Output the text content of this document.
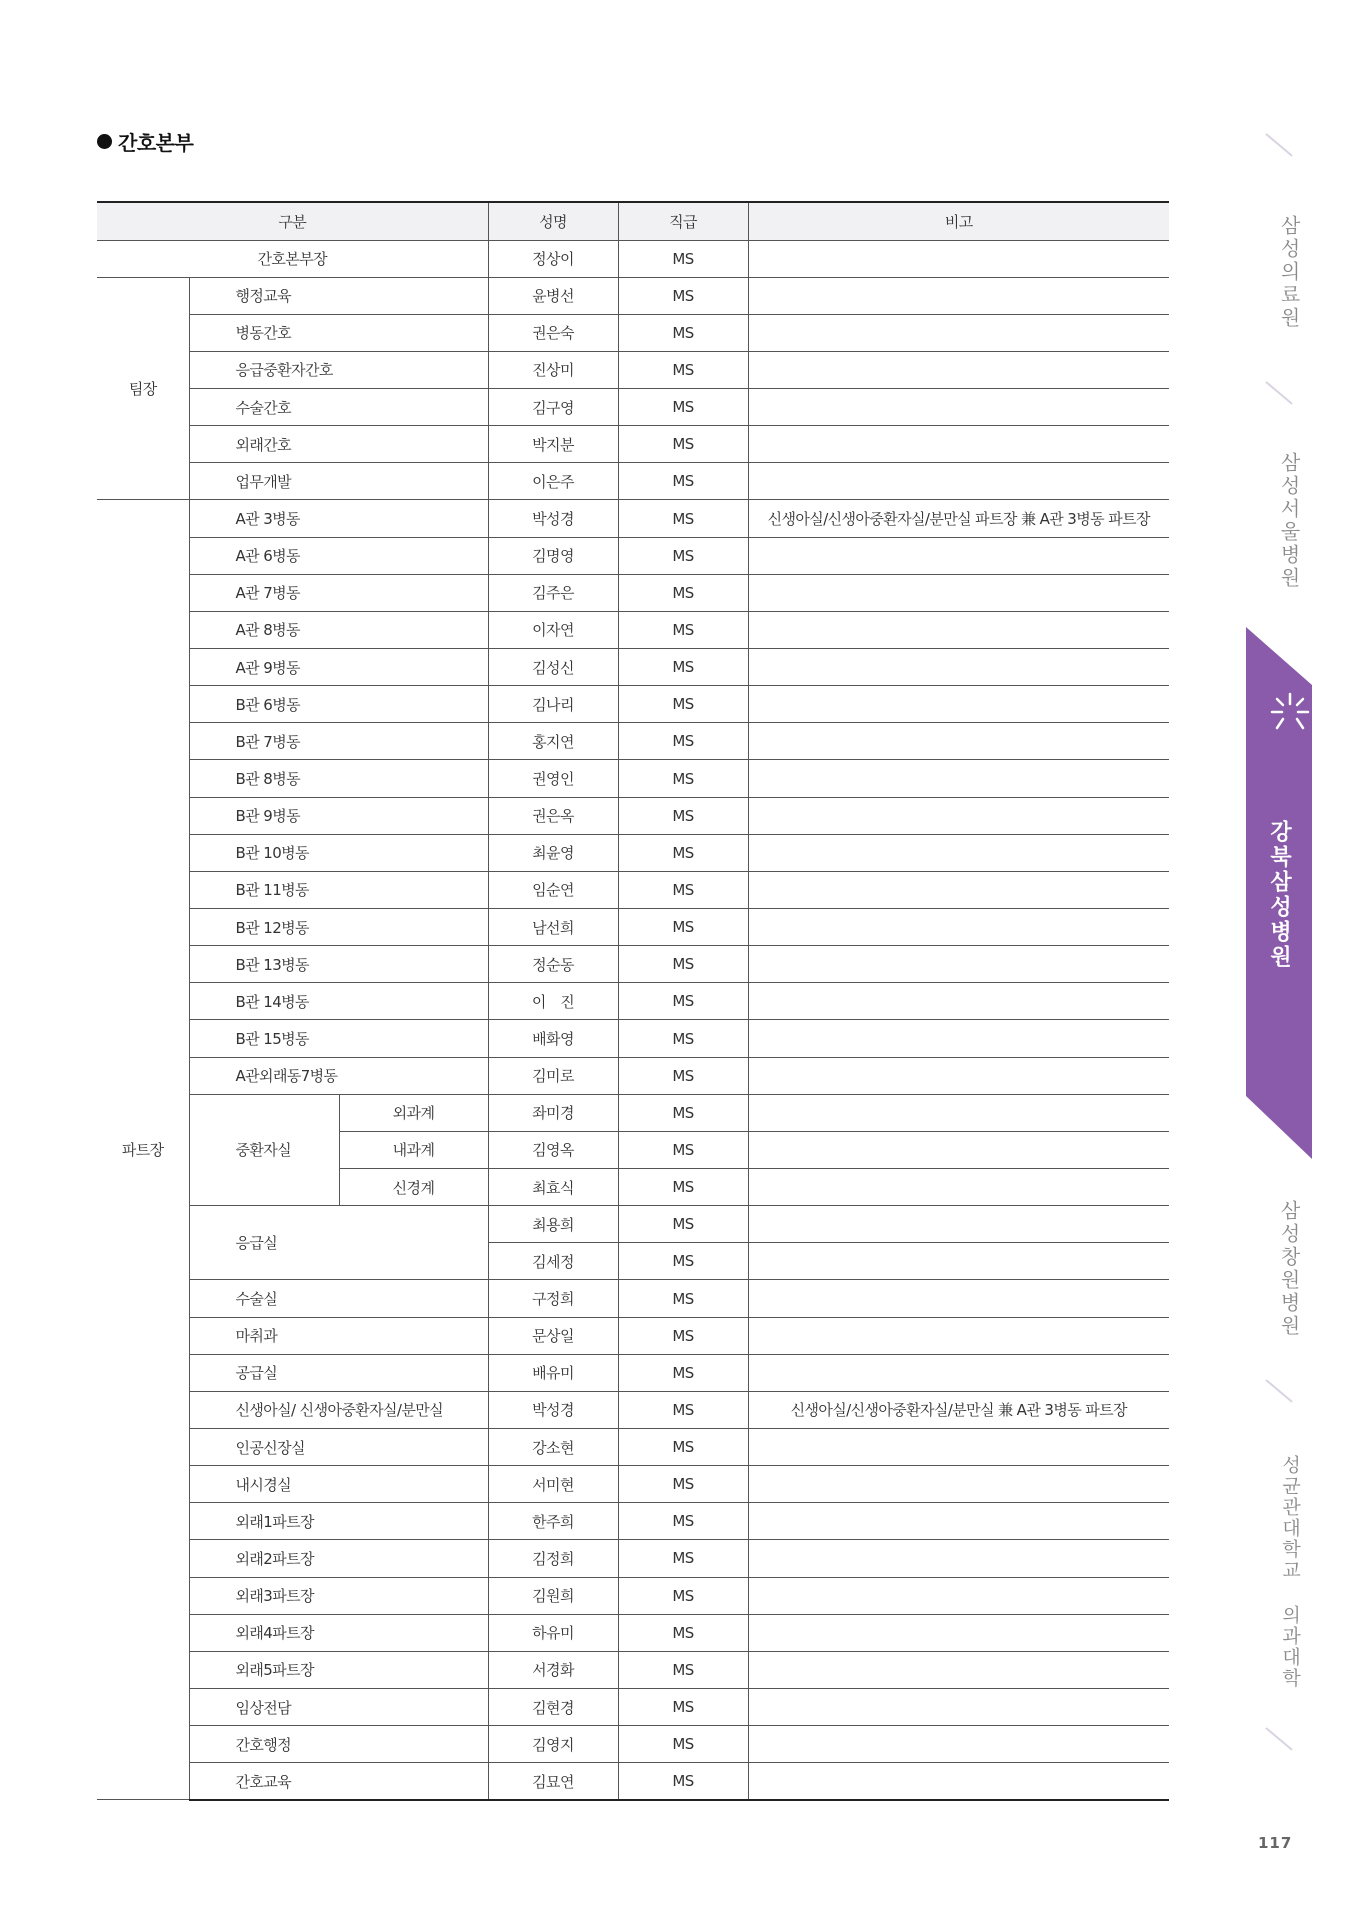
간호본부
구분			성명	직급	비고
간호본부장			정상이	MS	
팀장	행정교육		윤병선	MS	
	병동간호		권은숙	MS	
	응급중환자간호		진상미	MS	
	수술간호		김구영	MS	
	외래간호		박지분	MS	
	업무개발		이은주	MS	
파트장	A관 3병동		박성경	MS	신생아실/신생아중환자실/분만실 파트장 兼 A관 3병동 파트장
	A관 6병동		김명영	MS	
	A관 7병동		김주은	MS	
	A관 8병동		이자연	MS	
	A관 9병동		김성신	MS	
	B관 6병동		김나리	MS	
	B관 7병동		홍지연	MS	
	B관 8병동		권영인	MS	
	B관 9병동		권은옥	MS	
	B관 10병동		최윤영	MS	
	B관 11병동		임순연	MS	
	B관 12병동		남선희	MS	
	B관 13병동		정순동	MS	
	B관 14병동		이　진	MS	
	B관 15병동		배화영	MS	
	A관외래동7병동		김미로	MS	
	중환자실	외과계	좌미경	MS	
		내과계	김영옥	MS	
		신경계	최효식	MS	
	응급실		최용희	MS	
			김세정	MS	
	수술실		구정희	MS	
	마취과		문상일	MS	
	공급실		배유미	MS	
	신생아실/ 신생아중환자실/분만실		박성경	MS	신생아실/신생아중환자실/분만실 兼 A관 3병동 파트장
	인공신장실		강소현	MS	
	내시경실		서미현	MS	
	외래1파트장		한주희	MS	
	외래2파트장		김정희	MS	
	외래3파트장		김원희	MS	
	외래4파트장		하유미	MS	
	외래5파트장		서경화	MS	
	임상전담		김현경	MS	
	간호행정		김영지	MS	
	간호교육		김묘연	MS	
삼성의료원
삼성서울병원
강북삼성병원
삼성창원병원
성균관대학교 의과대학
117
